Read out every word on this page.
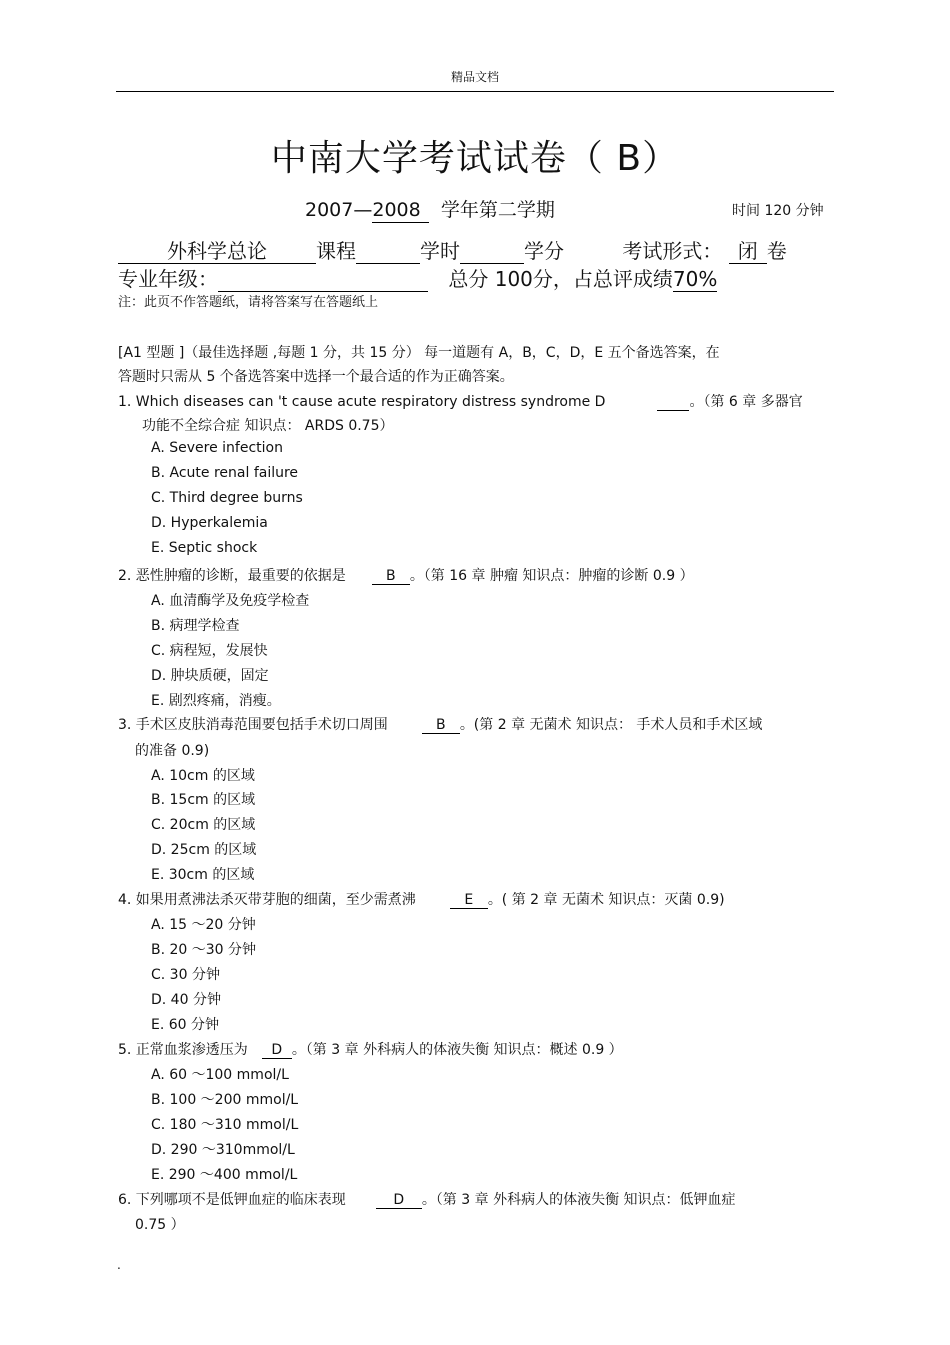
精品文档
中南大学考试试卷（ B）
2007—2008 学年第二学期	时间 120 分钟
外科学总论 课程	学时	学分	考试形式： 闭 卷
专业年级：	总分 100分，占总评成绩70%
注：此页不作答题纸，请将答案写在答题纸上
[A1 型题 ]（最佳选择题 ,每题 1 分，共 15 分） 每一道题有 A，B，C，D，E 五个备选答案，在
答题时只需从 5 个备选答案中选择一个最合适的作为正确答案。
1. Which diseases can 't cause acute respiratory distress syndrome D	。（第 6 章 多器官
功能不全综合症 知识点： ARDS 0.75）
A. Severe infection
B. Acute renal failure
C. Third degree burns
D. Hyperkalemia
E. Septic shock
2. 恶性肿瘤的诊断，最重要的依据是	B 。（第 16 章 肿瘤 知识点：肿瘤的诊断 0.9 ）
A. 血清酶学及免疫学检查
B. 病理学检查
C. 病程短，发展快
D. 肿块质硬，固定
E. 剧烈疼痛，消瘦。
3. 手术区皮肤消毒范围要包括手术切口周围	B 。(第 2 章 无菌术 知识点： 手术人员和手术区域
的准备 0.9)
A. 10cm 的区域
B. 15cm 的区域
C. 20cm 的区域
D. 25cm 的区域
E. 30cm 的区域
4. 如果用煮沸法杀灭带芽胞的细菌，至少需煮沸	E 。( 第 2 章 无菌术 知识点：灭菌 0.9)
A. 15 ～20 分钟
B. 20 ～30 分钟
C. 30 分钟
D. 40 分钟
E. 60 分钟
5. 正常血浆渗透压为 D 。（第 3 章 外科病人的体液失衡 知识点：概述 0.9 ）
A. 60 ～100 mmol/L
B. 100 ～200 mmol/L
C. 180 ～310 mmol/L
D. 290 ～310mmol/L
E. 290 ～400 mmol/L
6. 下列哪项不是低钾血症的临床表现	D 。（第 3 章 外科病人的体液失衡 知识点：低钾血症
0.75 ）
.
